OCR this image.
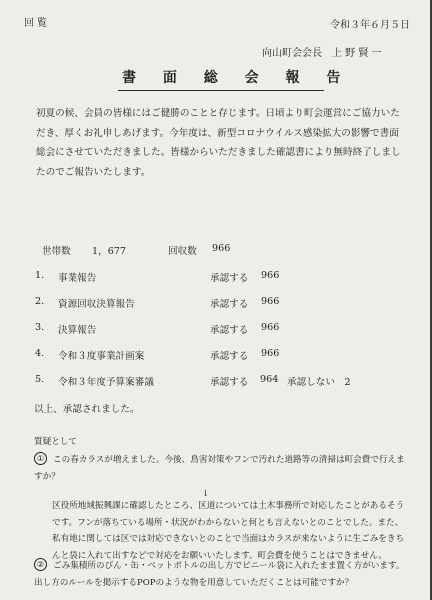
回 覧	令和３年６月５日
向山町会会長　上 野 賢 一
書 面 総 会 報 告
初夏の候、会員の皆様にはご健勝のことと存じます。日頃より町会運営にご協力いただき、厚くお礼申しあげます。今年度は、新型コロナウイルス感染拡大の影響で書面総会にさせていただきました。皆様からいただきました確認書により無時終了しましたのでご報告いたします。
世帯数 1，677	回収数 966
1. 事業報告	承認する 966
2. 資源回収決算報告	承認する 966
3. 決算報告	承認する 966
4. 令和３度事業計画案	承認する 966
5. 令和３年度予算案審議	承認する 964 承認しない　2
以上、承認されました。
質疑として
① この春カラスが増えました。今後、鳥害対策やフンで汚れた道路等の清掃は町会費で行えますか？
↓
区役所地域振興課に確認したところ、区道については土木事務所で対応したことがあるそうです。フンが落ちている場所・状況がわからないと何とも言えないとのことでした。また、私有地に関しては区では対応できないとのことで当面はカラスが来ないように生ごみをきちんと袋に入れて出すなどで対応をお願いいたします。町会費を使うことはできません。
② ごみ集積所のびん・缶・ペットボトルの出し方でビニール袋に入れたまま置く方がいます。出し方のルールを掲示するPOPのような物を用意していただくことは可能ですか？
